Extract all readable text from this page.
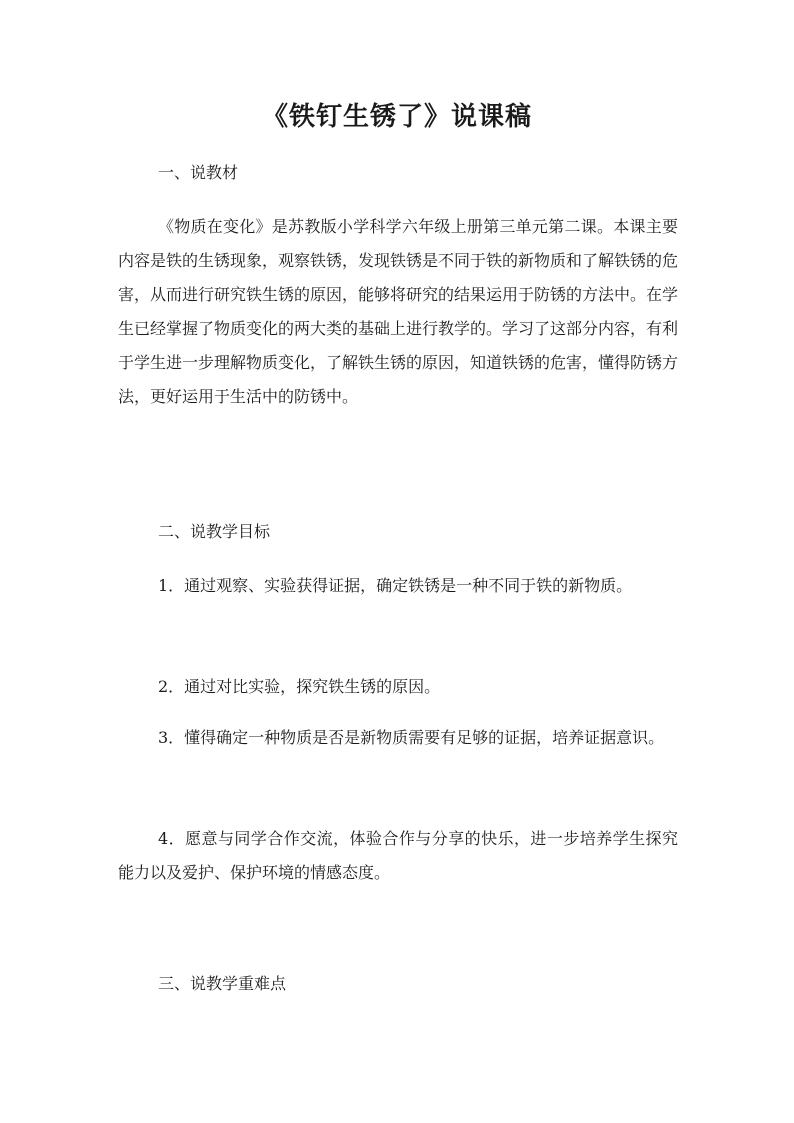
《铁钉生锈了》说课稿

一、说教材

《物质在变化》是苏教版小学科学六年级上册第三单元第二课。本课主要内容是铁的生锈现象，观察铁锈，发现铁锈是不同于铁的新物质和了解铁锈的危害，从而进行研究铁生锈的原因，能够将研究的结果运用于防锈的方法中。在学生已经掌握了物质变化的两大类的基础上进行教学的。学习了这部分内容，有利于学生进一步理解物质变化，了解铁生锈的原因，知道铁锈的危害，懂得防锈方法，更好运用于生活中的防锈中。

二、说教学目标

1．通过观察、实验获得证据，确定铁锈是一种不同于铁的新物质。

2．通过对比实验，探究铁生锈的原因。

3．懂得确定一种物质是否是新物质需要有足够的证据，培养证据意识。

4．愿意与同学合作交流，体验合作与分享的快乐，进一步培养学生探究能力以及爱护、保护环境的情感态度。

三、说教学重难点
